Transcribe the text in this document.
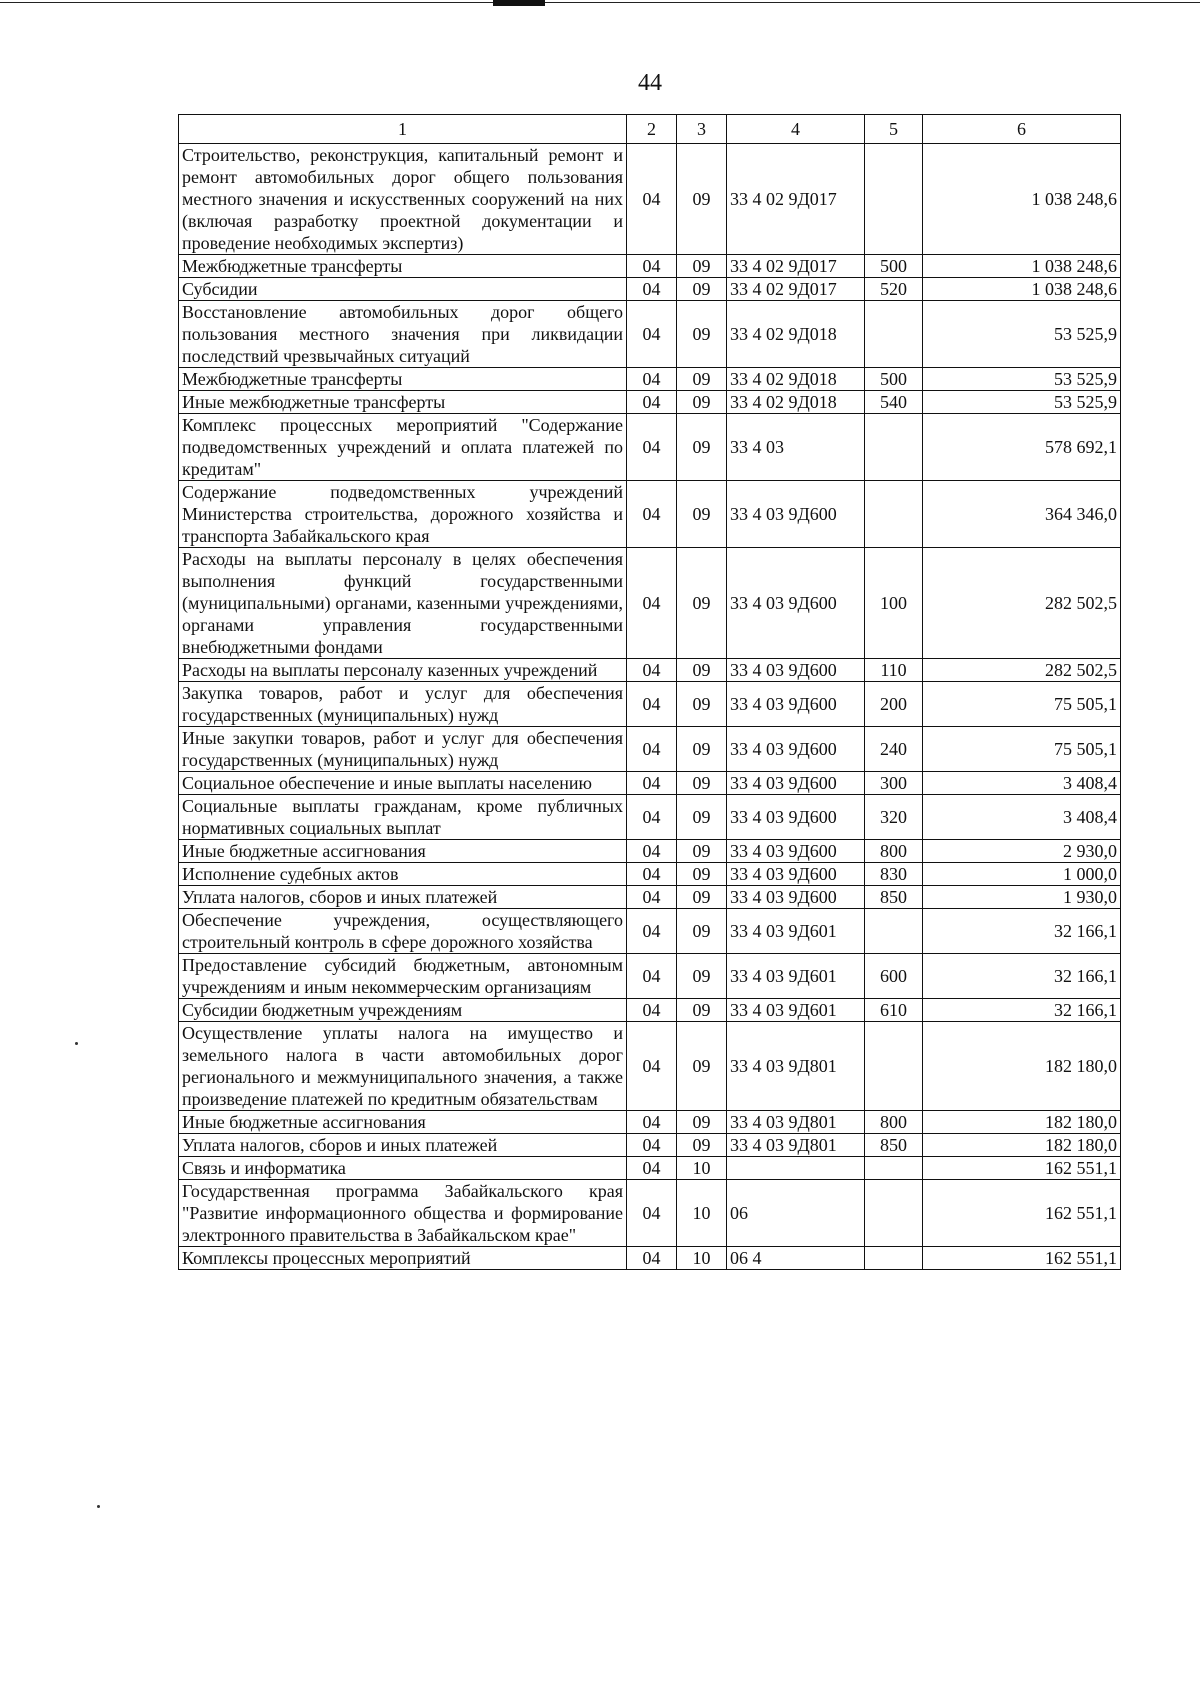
44
1	2	3	4	5	6
Строительство, реконструкция, капитальный ремонт и ремонт автомобильных дорог общего пользования местного значения и искусственных сооружений на них (включая разработку проектной документации и проведение необходимых экспертиз)	04	09	33 4 02 9Д017		1 038 248,6
Межбюджетные трансферты	04	09	33 4 02 9Д017	500	1 038 248,6
Субсидии	04	09	33 4 02 9Д017	520	1 038 248,6
Восстановление автомобильных дорог общего пользования местного значения при ликвидации последствий чрезвычайных ситуаций	04	09	33 4 02 9Д018		53 525,9
Межбюджетные трансферты	04	09	33 4 02 9Д018	500	53 525,9
Иные межбюджетные трансферты	04	09	33 4 02 9Д018	540	53 525,9
Комплекс процессных мероприятий "Содержание подведомственных учреждений и оплата платежей по кредитам"	04	09	33 4 03		578 692,1
Содержание подведомственных учреждений Министерства строительства, дорожного хозяйства и транспорта Забайкальского края	04	09	33 4 03 9Д600		364 346,0
Расходы на выплаты персоналу в целях обеспечения выполнения функций государственными (муниципальными) органами, казенными учреждениями, органами управления государственными внебюджетными фондами	04	09	33 4 03 9Д600	100	282 502,5
Расходы на выплаты персоналу казенных учреждений	04	09	33 4 03 9Д600	110	282 502,5
Закупка товаров, работ и услуг для обеспечения государственных (муниципальных) нужд	04	09	33 4 03 9Д600	200	75 505,1
Иные закупки товаров, работ и услуг для обеспечения государственных (муниципальных) нужд	04	09	33 4 03 9Д600	240	75 505,1
Социальное обеспечение и иные выплаты населению	04	09	33 4 03 9Д600	300	3 408,4
Социальные выплаты гражданам, кроме публичных нормативных социальных выплат	04	09	33 4 03 9Д600	320	3 408,4
Иные бюджетные ассигнования	04	09	33 4 03 9Д600	800	2 930,0
Исполнение судебных актов	04	09	33 4 03 9Д600	830	1 000,0
Уплата налогов, сборов и иных платежей	04	09	33 4 03 9Д600	850	1 930,0
Обеспечение учреждения, осуществляющего строительный контроль в сфере дорожного хозяйства	04	09	33 4 03 9Д601		32 166,1
Предоставление субсидий бюджетным, автономным учреждениям и иным некоммерческим организациям	04	09	33 4 03 9Д601	600	32 166,1
Субсидии бюджетным учреждениям	04	09	33 4 03 9Д601	610	32 166,1
Осуществление уплаты налога на имущество и земельного налога в части автомобильных дорог регионального и межмуниципального значения, а также произведение платежей по кредитным обязательствам	04	09	33 4 03 9Д801		182 180,0
Иные бюджетные ассигнования	04	09	33 4 03 9Д801	800	182 180,0
Уплата налогов, сборов и иных платежей	04	09	33 4 03 9Д801	850	182 180,0
Связь и информатика	04	10			162 551,1
Государственная программа Забайкальского края "Развитие информационного общества и формирование электронного правительства в Забайкальском крае"	04	10	06		162 551,1
Комплексы процессных мероприятий	04	10	06 4		162 551,1
